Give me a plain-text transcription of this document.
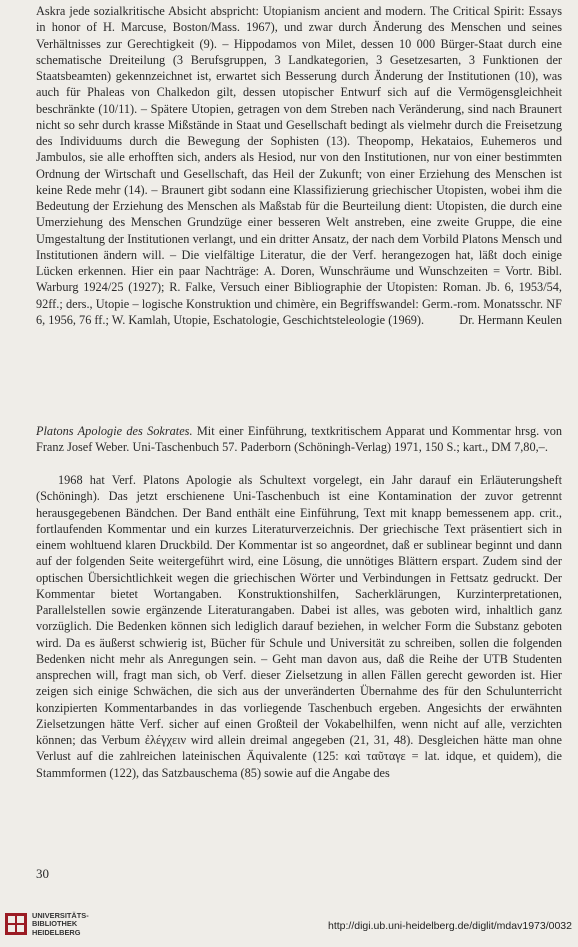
Askra jede sozialkritische Absicht abspricht: Utopianism ancient and modern. The Critical Spirit: Essays in honor of H. Marcuse, Boston/Mass. 1967), und zwar durch Änderung des Menschen und seines Verhältnisses zur Gerechtigkeit (9). – Hippodamos von Milet, dessen 10 000 Bürger-Staat durch eine schematische Dreiteilung (3 Berufsgruppen, 3 Landkategorien, 3 Gesetzesarten, 3 Funktionen der Staatsbeamten) gekennzeichnet ist, erwartet sich Besserung durch Änderung der Institutionen (10), was auch für Phaleas von Chalkedon gilt, dessen utopischer Entwurf sich auf die Vermögensgleichheit beschränkte (10/11). – Spätere Utopien, getragen von dem Streben nach Veränderung, sind nach Braunert nicht so sehr durch krasse Mißstände in Staat und Gesellschaft bedingt als vielmehr durch die Freisetzung des Individuums durch die Bewegung der Sophisten (13). Theopomp, Hekataios, Euhemeros und Jambulos, sie alle erhofften sich, anders als Hesiod, nur von den Institutionen, nur von einer bestimmten Ordnung der Wirtschaft und Gesellschaft, das Heil der Zukunft; von einer Erziehung des Menschen ist keine Rede mehr (14). – Braunert gibt sodann eine Klassifizierung griechischer Utopisten, wobei ihm die Bedeutung der Erziehung des Menschen als Maßstab für die Beurteilung dient: Utopisten, die durch eine Umerziehung des Menschen Grundzüge einer besseren Welt anstreben, eine zweite Gruppe, die eine Umgestaltung der Institutionen verlangt, und ein dritter Ansatz, der nach dem Vorbild Platons Mensch und Institutionen ändern will. – Die vielfältige Literatur, die der Verf. herangezogen hat, läßt doch einige Lücken erkennen. Hier ein paar Nachträge: A. Doren, Wunschräume und Wunschzeiten = Vortr. Bibl. Warburg 1924/25 (1927); R. Falke, Versuch einer Bibliographie der Utopisten: Roman. Jb. 6, 1953/54, 92ff.; ders., Utopie – logische Konstruktion und chimère, ein Begriffswandel: Germ.-rom. Monatsschr. NF 6, 1956, 76 ff.; W. Kamlah, Utopie, Eschatologie, Geschichtsteleologie (1969).	Dr. Hermann Keulen

Platons Apologie des Sokrates. Mit einer Einführung, textkritischem Apparat und Kommentar hrsg. von Franz Josef Weber. Uni-Taschenbuch 57. Paderborn (Schöningh-Verlag) 1971, 150 S.; kart., DM 7,80,–.

1968 hat Verf. Platons Apologie als Schultext vorgelegt, ein Jahr darauf ein Erläuterungsheft (Schöningh). Das jetzt erschienene Uni-Taschenbuch ist eine Kontamination der zuvor getrennt herausgegebenen Bändchen. Der Band enthält eine Einführung, Text mit knapp bemessenem app. crit., fortlaufenden Kommentar und ein kurzes Literaturverzeichnis. Der griechische Text präsentiert sich in einem wohltuend klaren Druckbild. Der Kommentar ist so angeordnet, daß er sublinear beginnt und dann auf der folgenden Seite weitergeführt wird, eine Lösung, die unnötiges Blättern erspart. Zudem sind der optischen Übersichtlichkeit wegen die griechischen Wörter und Verbindungen in Fettsatz gedruckt. Der Kommentar bietet Wortangaben. Konstruktionshilfen, Sacherklärungen, Kurzinterpretationen, Parallelstellen sowie ergänzende Literaturangaben. Dabei ist alles, was geboten wird, inhaltlich ganz vorzüglich. Die Bedenken können sich lediglich darauf beziehen, in welcher Form die Substanz geboten wird. Da es äußerst schwierig ist, Bücher für Schule und Universität zu schreiben, sollen die folgenden Bedenken nicht mehr als Anregungen sein. – Geht man davon aus, daß die Reihe der UTB Studenten ansprechen will, fragt man sich, ob Verf. dieser Zielsetzung in allen Fällen gerecht geworden ist. Hier zeigen sich einige Schwächen, die sich aus der unveränderten Übernahme des für den Schulunterricht konzipierten Kommentarbandes in das vorliegende Taschenbuch ergeben. Angesichts der erwähnten Zielsetzungen hätte Verf. sicher auf einen Großteil der Vokabelhilfen, wenn nicht auf alle, verzichten können; das Verbum ἐλέγχειν wird allein dreimal angegeben (21, 31, 48). Desgleichen hätte man ohne Verlust auf die zahlreichen lateinischen Äquivalente (125: καὶ ταῦταγε = lat. idque, et quidem), die Stammformen (122), das Satzbauschema (85) sowie auf die Angabe des

30
UNIVERSITÄTS-
BIBLIOTHEK
HEIDELBERG
http://digi.ub.uni-heidelberg.de/diglit/mdav1973/0032
